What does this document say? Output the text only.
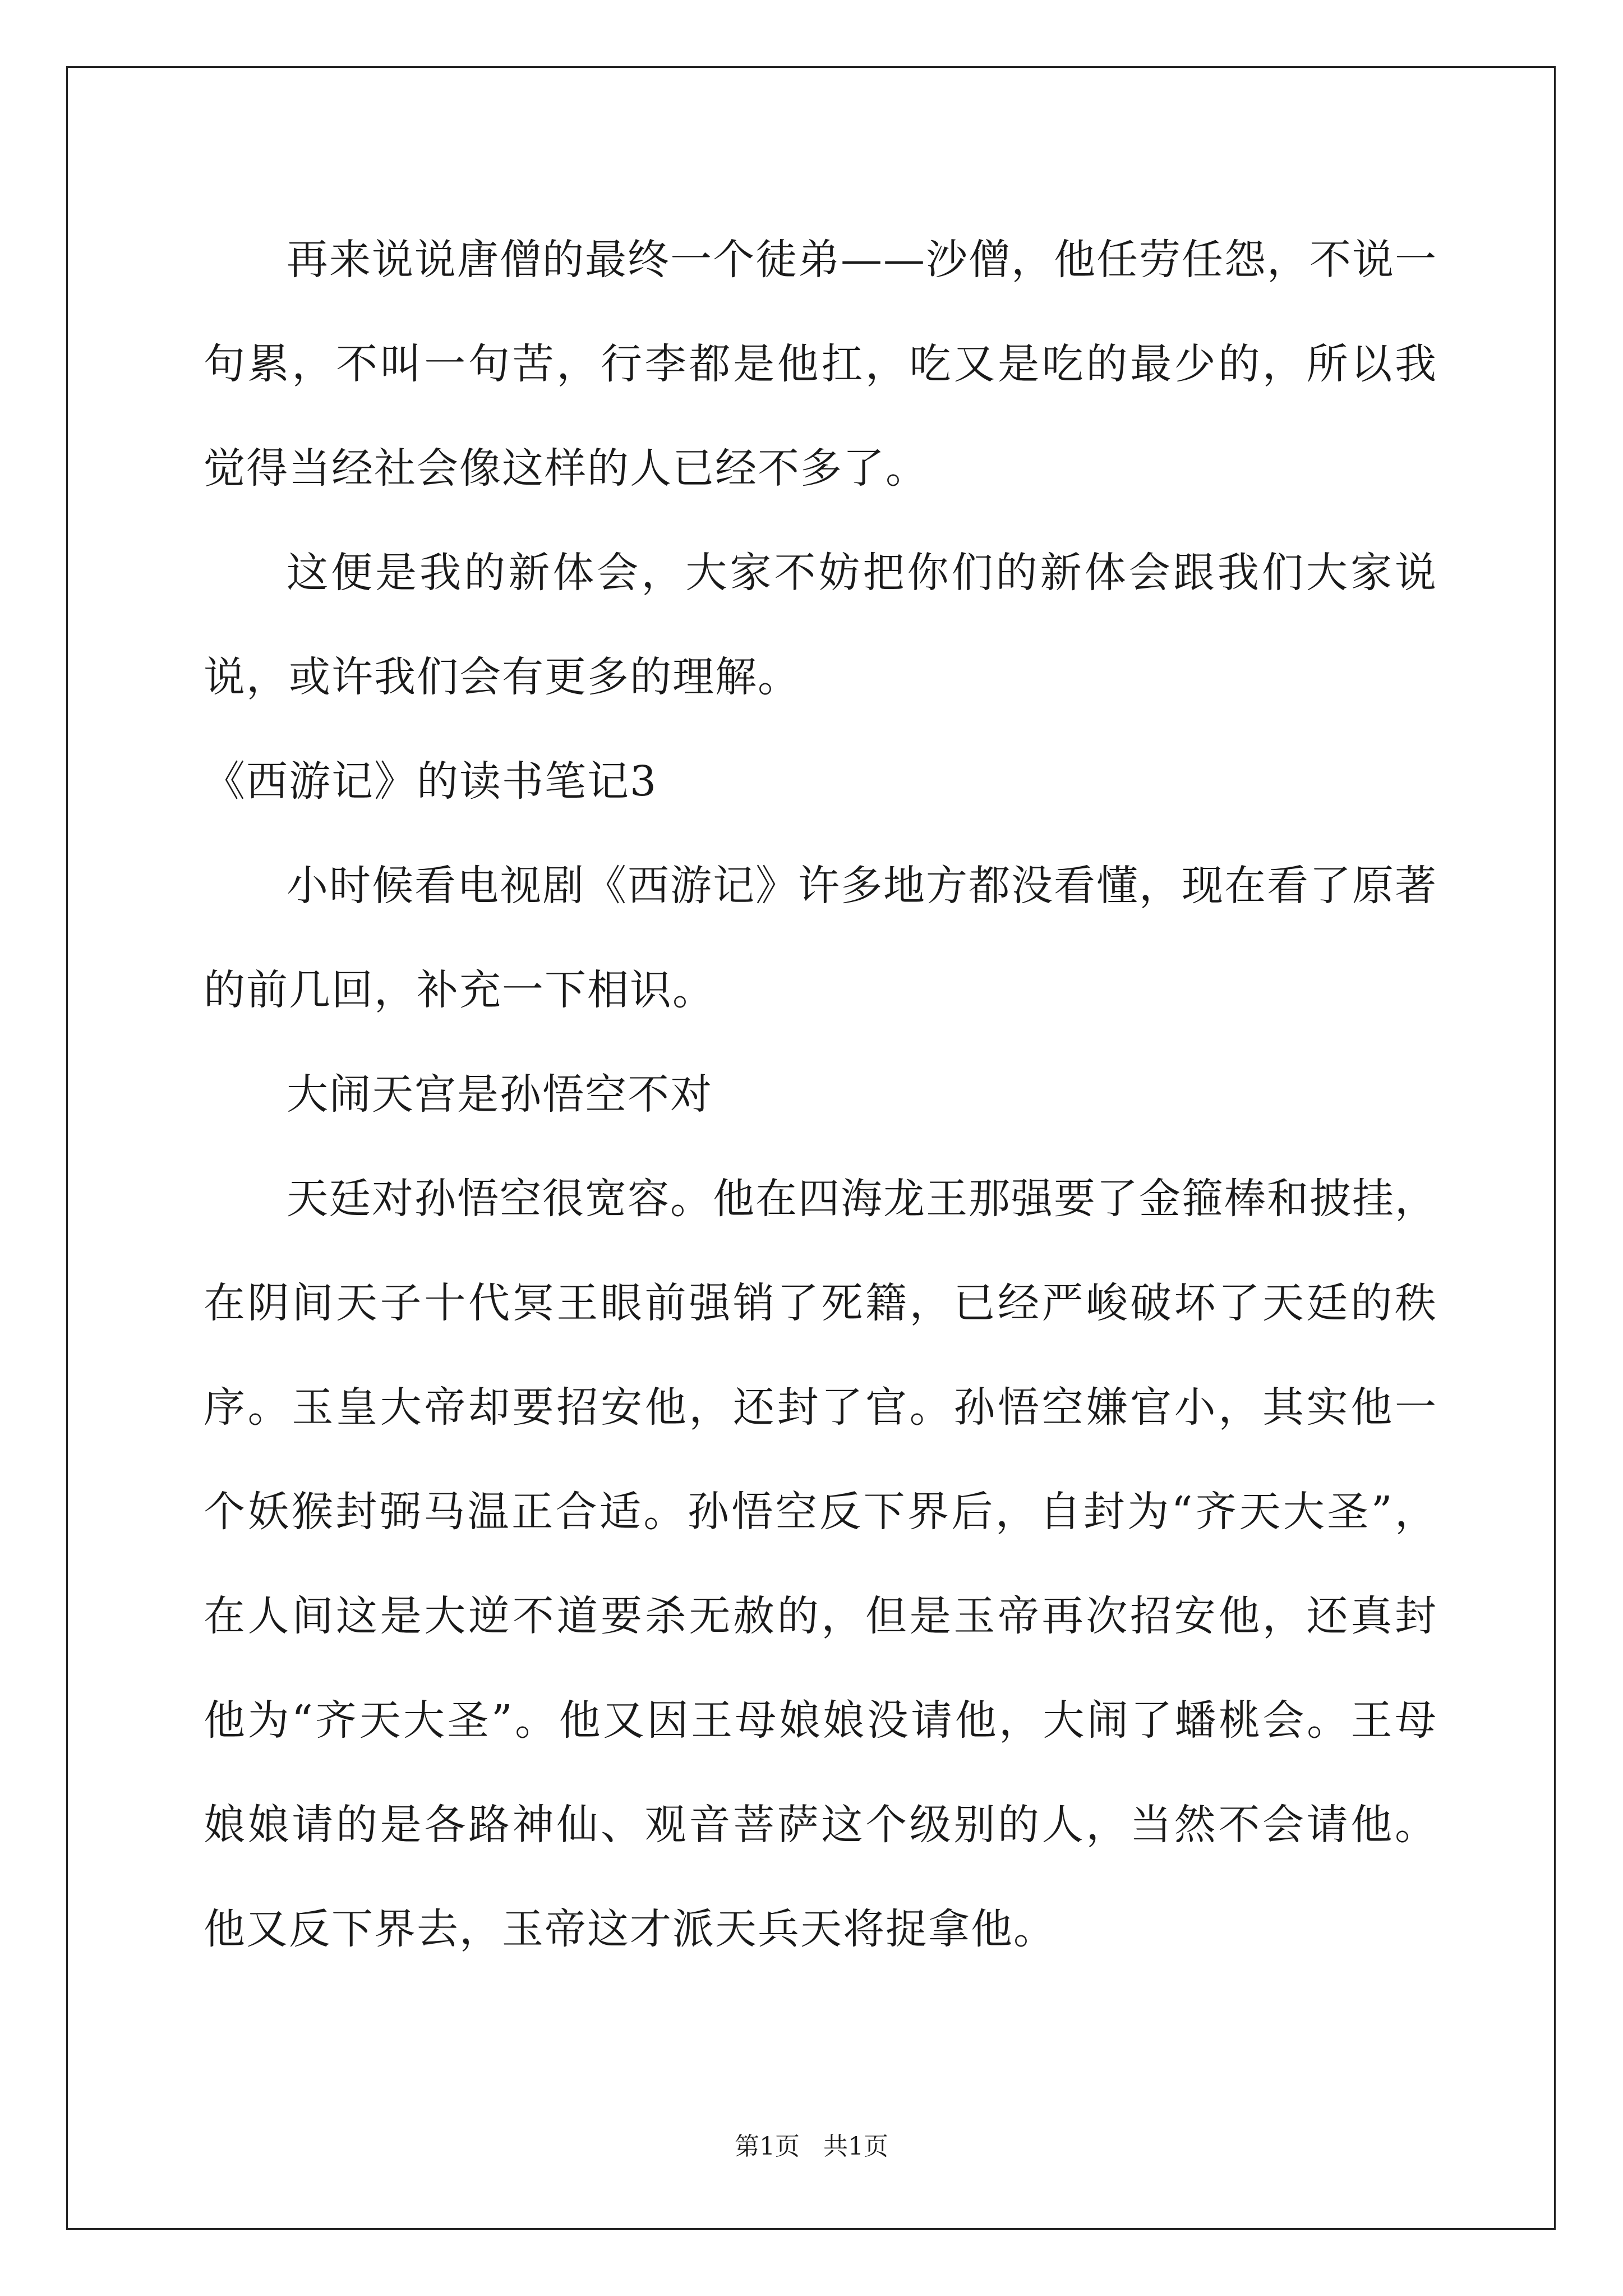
再来说说唐僧的最终一个徒弟——沙僧，他任劳任怨，不说一句累，不叫一句苦，行李都是他扛，吃又是吃的最少的，所以我觉得当经社会像这样的人已经不多了。

这便是我的新体会，大家不妨把你们的新体会跟我们大家说说，或许我们会有更多的理解。

《西游记》的读书笔记3

小时候看电视剧《西游记》许多地方都没看懂，现在看了原著的前几回，补充一下相识。

大闹天宫是孙悟空不对

天廷对孙悟空很宽容。他在四海龙王那强要了金箍棒和披挂，在阴间天子十代冥王眼前强销了死籍，已经严峻破坏了天廷的秩序。玉皇大帝却要招安他，还封了官。孙悟空嫌官小，其实他一个妖猴封弼马温正合适。孙悟空反下界后，自封为“齐天大圣”，在人间这是大逆不道要杀无赦的，但是玉帝再次招安他，还真封他为“齐天大圣”。他又因王母娘娘没请他，大闹了蟠桃会。王母娘娘请的是各路神仙、观音菩萨这个级别的人，当然不会请他。他又反下界去，玉帝这才派天兵天将捉拿他。

第1页 共1页
